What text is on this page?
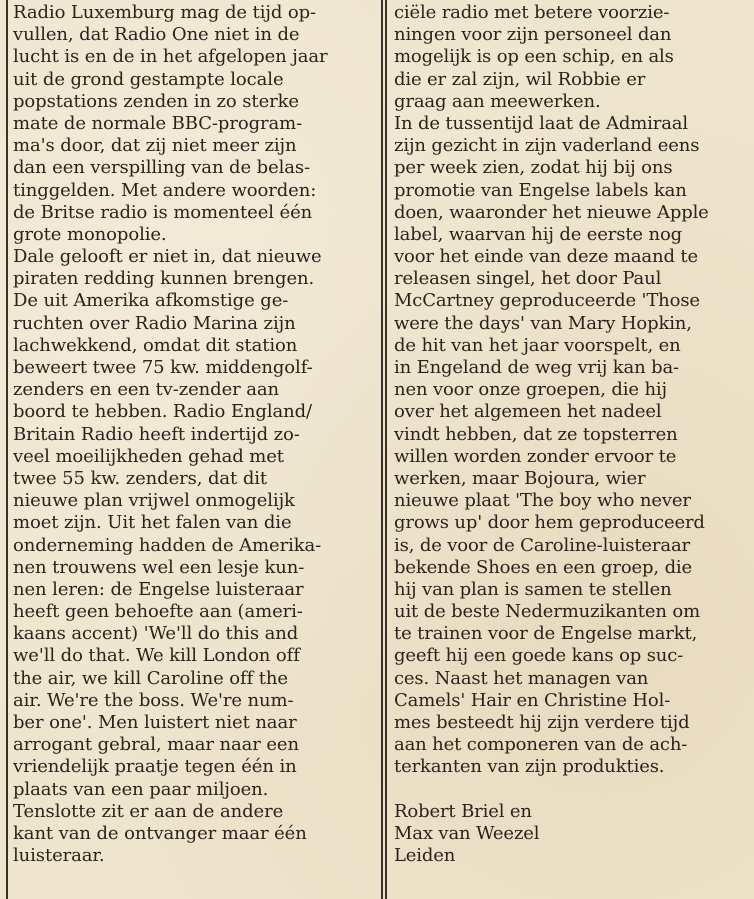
Radio Luxemburg mag de tijd op-
vullen, dat Radio One niet in de
lucht is en de in het afgelopen jaar
uit de grond gestampte locale
popstations zenden in zo sterke
mate de normale BBC-program-
ma's door, dat zij niet meer zijn
dan een verspilling van de belas-
tinggelden. Met andere woorden:
de Britse radio is momenteel één
grote monopolie.
Dale gelooft er niet in, dat nieuwe
piraten redding kunnen brengen.
De uit Amerika afkomstige ge-
ruchten over Radio Marina zijn
lachwekkend, omdat dit station
beweert twee 75 kw. middengolf-
zenders en een tv-zender aan
boord te hebben. Radio England/
Britain Radio heeft indertijd zo-
veel moeilijkheden gehad met
twee 55 kw. zenders, dat dit
nieuwe plan vrijwel onmogelijk
moet zijn. Uit het falen van die
onderneming hadden de Amerika-
nen trouwens wel een lesje kun-
nen leren: de Engelse luisteraar
heeft geen behoefte aan (ameri-
kaans accent) 'We'll do this and
we'll do that. We kill London off
the air, we kill Caroline off the
air. We're the boss. We're num-
ber one'. Men luistert niet naar
arrogant gebral, maar naar een
vriendelijk praatje tegen één in
plaats van een paar miljoen.
Tenslotte zit er aan de andere
kant van de ontvanger maar één
luisteraar.
ciële radio met betere voorzie-
ningen voor zijn personeel dan
mogelijk is op een schip, en als
die er zal zijn, wil Robbie er
graag aan meewerken.
In de tussentijd laat de Admiraal
zijn gezicht in zijn vaderland eens
per week zien, zodat hij bij ons
promotie van Engelse labels kan
doen, waaronder het nieuwe Apple
label, waarvan hij de eerste nog
voor het einde van deze maand te
releasen singel, het door Paul
McCartney geproduceerde 'Those
were the days' van Mary Hopkin,
de hit van het jaar voorspelt, en
in Engeland de weg vrij kan ba-
nen voor onze groepen, die hij
over het algemeen het nadeel
vindt hebben, dat ze topsterren
willen worden zonder ervoor te
werken, maar Bojoura, wier
nieuwe plaat 'The boy who never
grows up' door hem geproduceerd
is, de voor de Caroline-luisteraar
bekende Shoes en een groep, die
hij van plan is samen te stellen
uit de beste Nedermuzikanten om
te trainen voor de Engelse markt,
geeft hij een goede kans op suc-
ces. Naast het managen van
Camels' Hair en Christine Hol-
mes besteedt hij zijn verdere tijd
aan het componeren van de ach-
terkanten van zijn produkties.
Robert Briel en
Max van Weezel
Leiden
